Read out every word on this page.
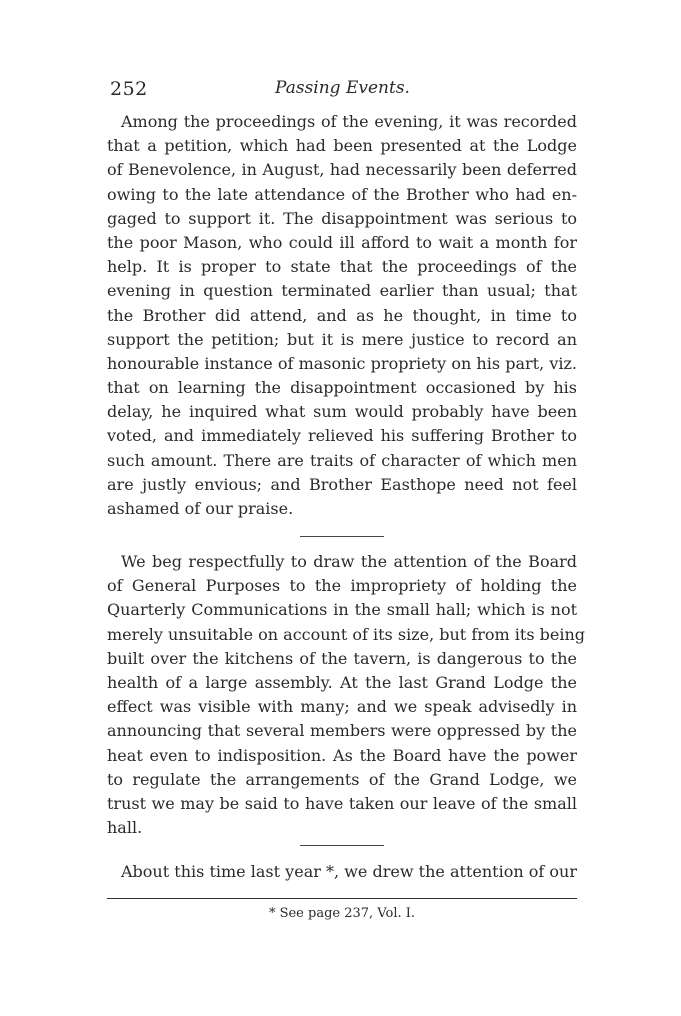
252	Passing Events.
Among the proceedings of the evening, it was recorded
that a petition, which had been presented at the Lodge
of Benevolence, in August, had necessarily been deferred
owing to the late attendance of the Brother who had en-
gaged to support it. The disappointment was serious to
the poor Mason, who could ill afford to wait a month for
help. It is proper to state that the proceedings of the
evening in question terminated earlier than usual; that
the Brother did attend, and as he thought, in time to
support the petition; but it is mere justice to record an
honourable instance of masonic propriety on his part, viz.
that on learning the disappointment occasioned by his
delay, he inquired what sum would probably have been
voted, and immediately relieved his suffering Brother to
such amount. There are traits of character of which men
are justly envious; and Brother Easthope need not feel
ashamed of our praise.
We beg respectfully to draw the attention of the Board
of General Purposes to the impropriety of holding the
Quarterly Communications in the small hall; which is not
merely unsuitable on account of its size, but from its being
built over the kitchens of the tavern, is dangerous to the
health of a large assembly. At the last Grand Lodge the
effect was visible with many; and we speak advisedly in
announcing that several members were oppressed by the
heat even to indisposition. As the Board have the power
to regulate the arrangements of the Grand Lodge, we
trust we may be said to have taken our leave of the small
hall.
About this time last year *, we drew the attention of our
* See page 237, Vol. I.
